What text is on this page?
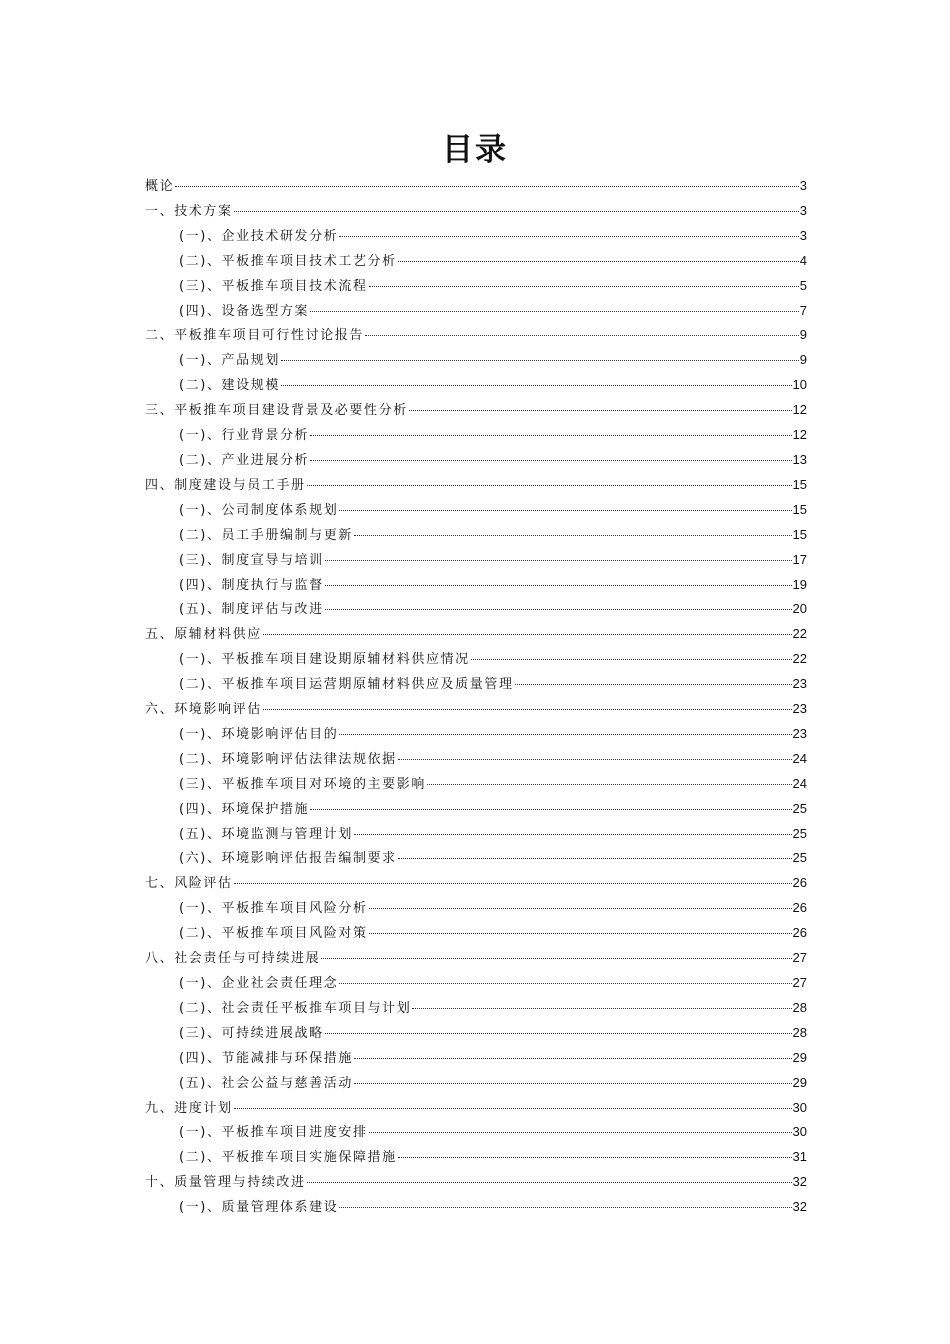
目录
概论	3
一、技术方案	3
(一)、企业技术研发分析	3
(二)、平板推车项目技术工艺分析	4
(三)、平板推车项目技术流程	5
(四)、设备选型方案	7
二、平板推车项目可行性讨论报告	9
(一)、产品规划	9
(二)、建设规模	10
三、平板推车项目建设背景及必要性分析	12
(一)、行业背景分析	12
(二)、产业进展分析	13
四、制度建设与员工手册	15
(一)、公司制度体系规划	15
(二)、员工手册编制与更新	15
(三)、制度宣导与培训	17
(四)、制度执行与监督	19
(五)、制度评估与改进	20
五、原辅材料供应	22
(一)、平板推车项目建设期原辅材料供应情况	22
(二)、平板推车项目运营期原辅材料供应及质量管理	23
六、环境影响评估	23
(一)、环境影响评估目的	23
(二)、环境影响评估法律法规依据	24
(三)、平板推车项目对环境的主要影响	24
(四)、环境保护措施	25
(五)、环境监测与管理计划	25
(六)、环境影响评估报告编制要求	25
七、风险评估	26
(一)、平板推车项目风险分析	26
(二)、平板推车项目风险对策	26
八、社会责任与可持续进展	27
(一)、企业社会责任理念	27
(二)、社会责任平板推车项目与计划	28
(三)、可持续进展战略	28
(四)、节能减排与环保措施	29
(五)、社会公益与慈善活动	29
九、进度计划	30
(一)、平板推车项目进度安排	30
(二)、平板推车项目实施保障措施	31
十、质量管理与持续改进	32
(一)、质量管理体系建设	32
